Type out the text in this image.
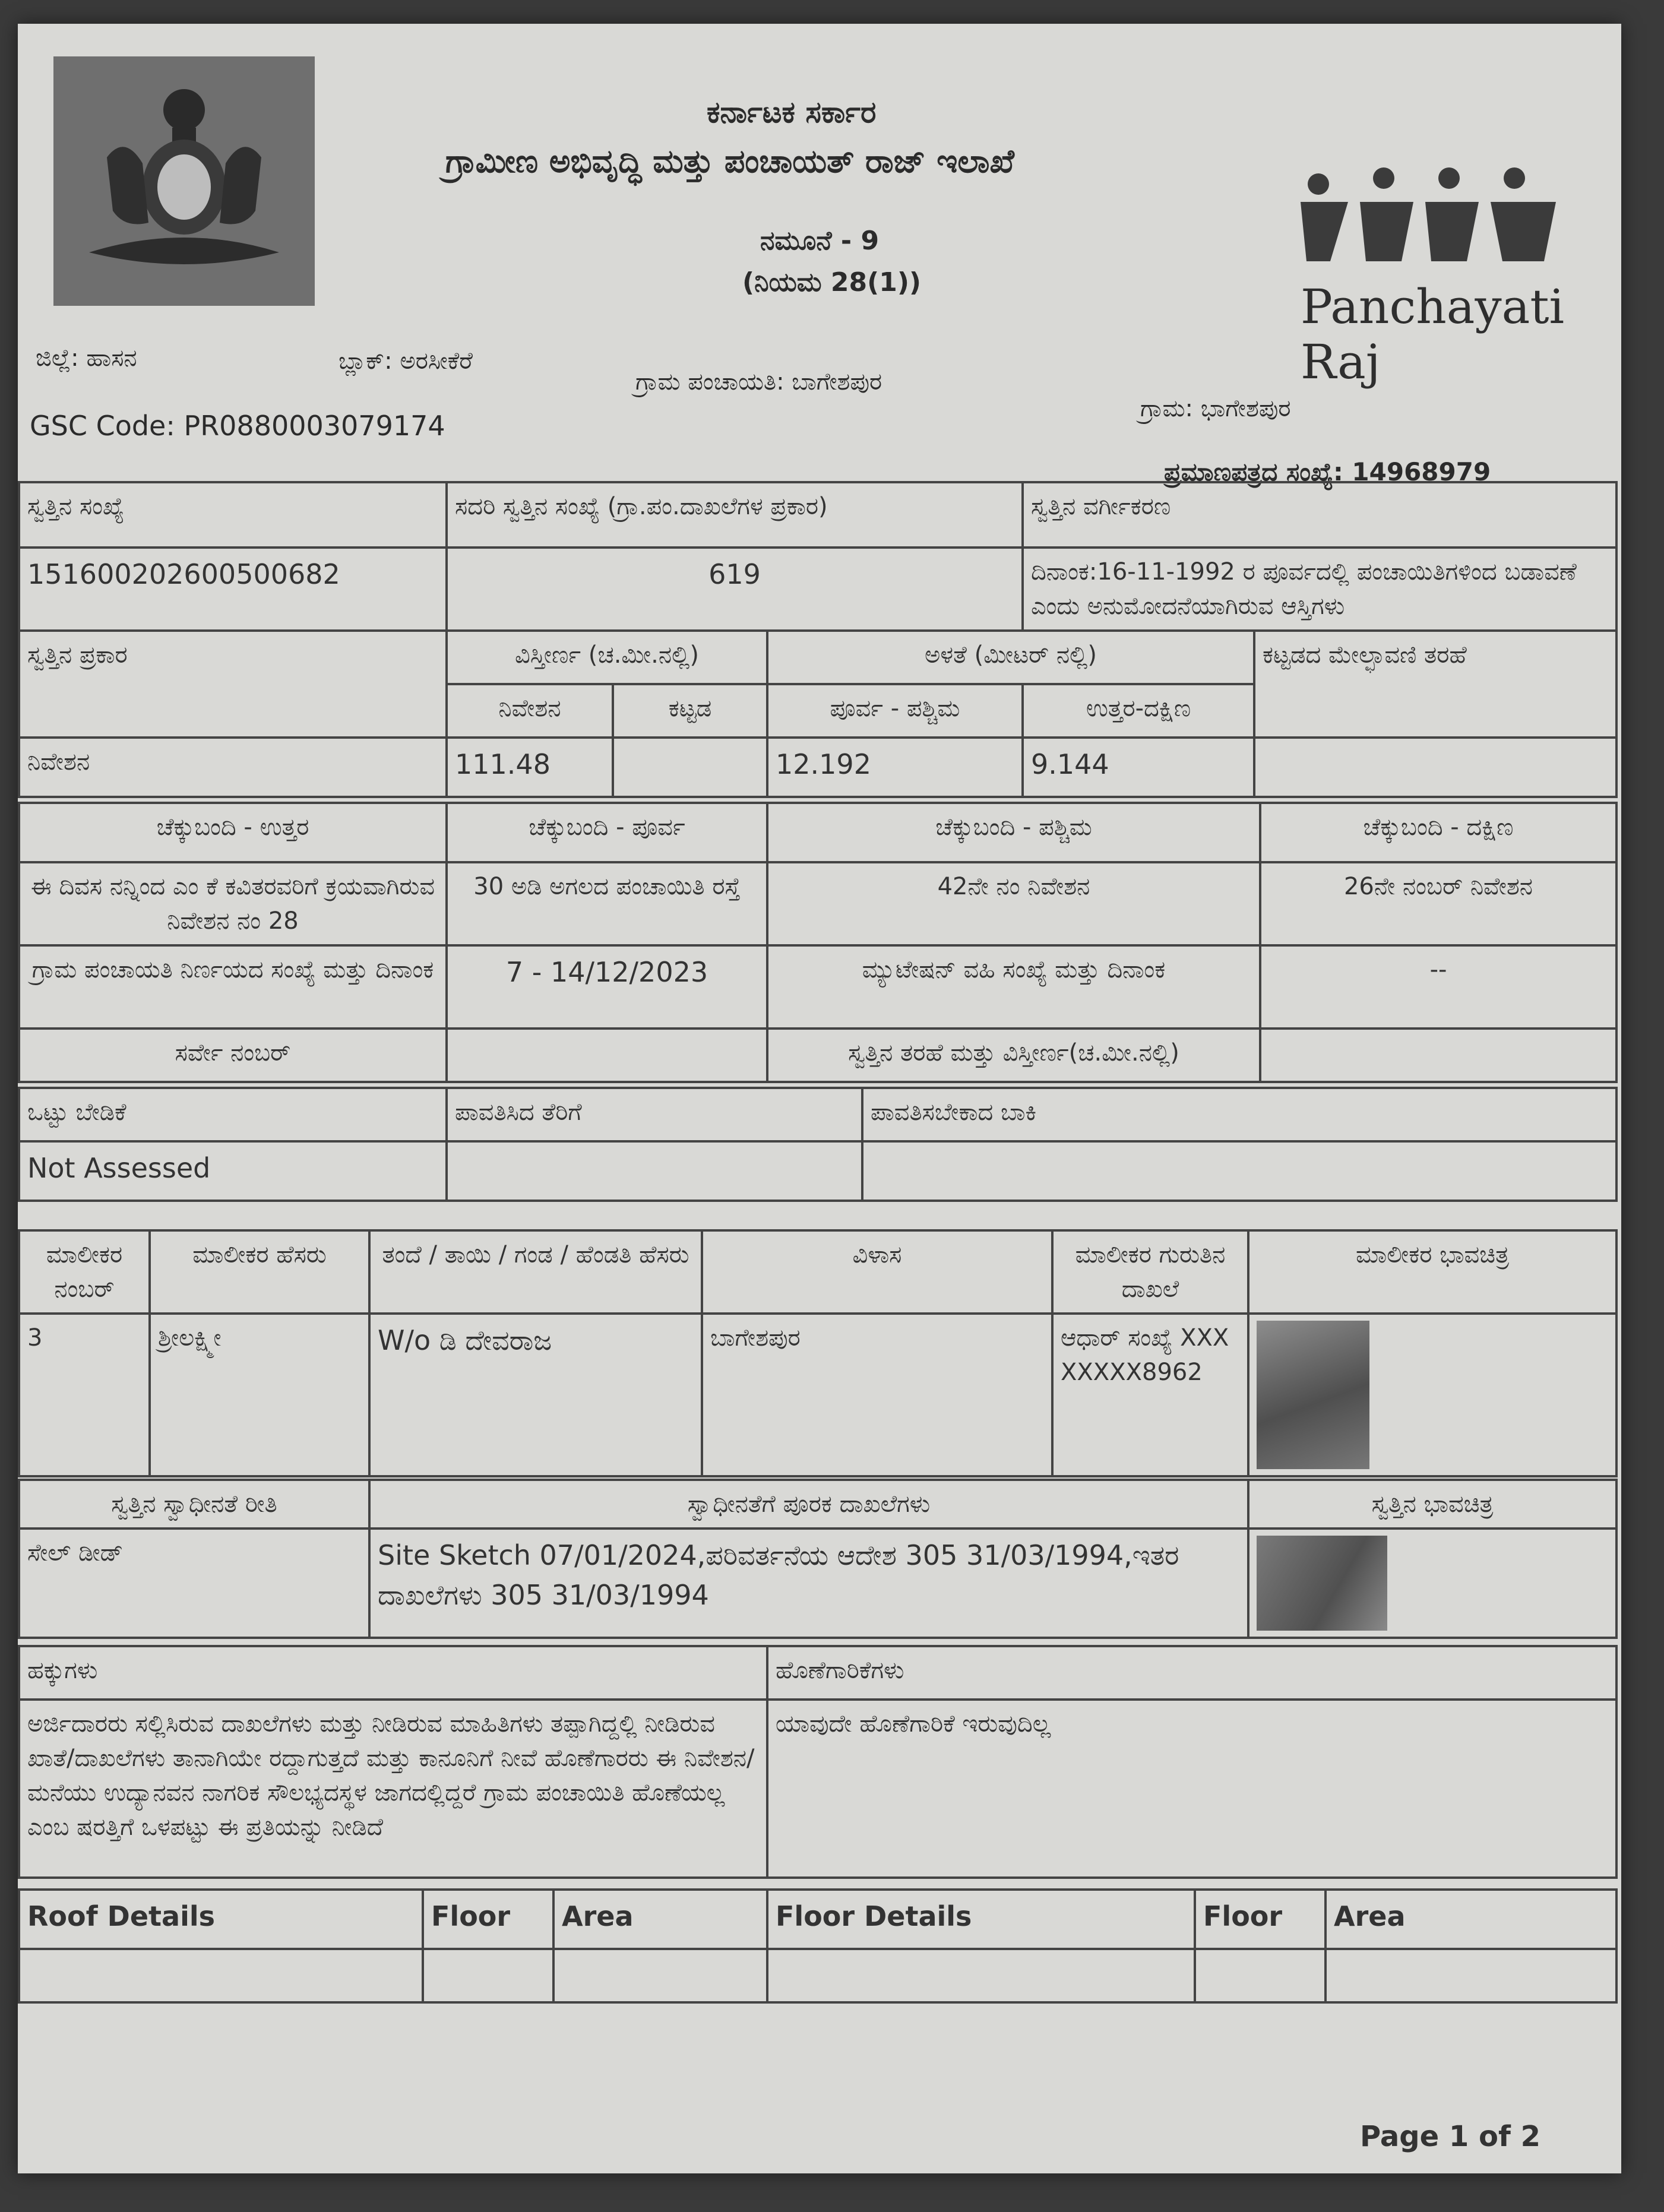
ಕರ್ನಾಟಕ ಸರ್ಕಾರ
ಗ್ರಾಮೀಣ ಅಭಿವೃದ್ಧಿ ಮತ್ತು ಪಂಚಾಯತ್ ರಾಜ್ ಇಲಾಖೆ
ನಮೂನೆ - 9
(ನಿಯಮ 28(1))	Panchayati Raj
ಜಿಲ್ಲೆ: ಹಾಸನ	ಬ್ಲಾಕ್: ಅರಸೀಕೆರೆ
ಗ್ರಾಮ ಪಂಚಾಯತಿ: ಬಾಗೇಶಪುರ
ಗ್ರಾಮ: ಭಾಗೇಶಪುರ
GSC Code: PR0880003079174
ಪ್ರಮಾಣಪತ್ರದ ಸಂಖ್ಯೆ: 14968979
ಸ್ವತ್ತಿನ ಸಂಖ್ಯೆ	ಸದರಿ ಸ್ವತ್ತಿನ ಸಂಖ್ಯೆ (ಗ್ರಾ.ಪಂ.ದಾಖಲೆಗಳ ಪ್ರಕಾರ)	ಸ್ವತ್ತಿನ ವರ್ಗೀಕರಣ
151600202600500682	619	ದಿನಾಂಕ:16-11-1992 ರ ಪೂರ್ವದಲ್ಲಿ ಪಂಚಾಯಿತಿಗಳಿಂದ ಬಡಾವಣೆ ಎಂದು ಅನುಮೋದನೆಯಾಗಿರುವ ಆಸ್ತಿಗಳು
ಸ್ವತ್ತಿನ ಪ್ರಕಾರ	ವಿಸ್ತೀರ್ಣ (ಚ.ಮೀ.ನಲ್ಲಿ)		ಅಳತೆ (ಮೀಟರ್ ನಲ್ಲಿ)		ಕಟ್ಟಡದ ಮೇಲ್ಛಾವಣಿ ತರಹೆ
	ನಿವೇಶನ	ಕಟ್ಟಡ	ಪೂರ್ವ - ಪಶ್ಚಿಮ	ಉತ್ತರ-ದಕ್ಷಿಣ	
ನಿವೇಶನ	111.48		12.192	9.144	
ಚೆಕ್ಕುಬಂದಿ - ಉತ್ತರ	ಚೆಕ್ಕುಬಂದಿ - ಪೂರ್ವ	ಚೆಕ್ಕುಬಂದಿ - ಪಶ್ಚಿಮ	ಚೆಕ್ಕುಬಂದಿ - ದಕ್ಷಿಣ
ಈ ದಿವಸ ನನ್ನಿಂದ ಎಂ ಕೆ ಕವಿತರವರಿಗೆ ಕ್ರಯವಾಗಿರುವ ನಿವೇಶನ ನಂ 28	30 ಅಡಿ ಅಗಲದ ಪಂಚಾಯಿತಿ ರಸ್ತೆ	42ನೇ ನಂ ನಿವೇಶನ	26ನೇ ನಂಬರ್ ನಿವೇಶನ
ಗ್ರಾಮ ಪಂಚಾಯತಿ ನಿರ್ಣಯದ ಸಂಖ್ಯೆ ಮತ್ತು ದಿನಾಂಕ	7 - 14/12/2023	ಮ್ಯುಟೇಷನ್ ವಹಿ ಸಂಖ್ಯೆ ಮತ್ತು ದಿನಾಂಕ	--
ಸರ್ವೇ ನಂಬರ್		ಸ್ವತ್ತಿನ ತರಹೆ ಮತ್ತು ವಿಸ್ತೀರ್ಣ(ಚ.ಮೀ.ನಲ್ಲಿ)	
ಒಟ್ಟು ಬೇಡಿಕೆ	ಪಾವತಿಸಿದ ತೆರಿಗೆ	ಪಾವತಿಸಬೇಕಾದ ಬಾಕಿ
Not Assessed		
ಮಾಲೀಕರ ನಂಬರ್	ಮಾಲೀಕರ ಹೆಸರು	ತಂದೆ / ತಾಯಿ / ಗಂಡ / ಹೆಂಡತಿ ಹೆಸರು	ವಿಳಾಸ	ಮಾಲೀಕರ ಗುರುತಿನ ದಾಖಲೆ	ಮಾಲೀಕರ ಭಾವಚಿತ್ರ
3	ಶ್ರೀಲಕ್ಷ್ಮೀ	W/o ಡಿ ದೇವರಾಜ	ಬಾಗೇಶಪುರ	ಆಧಾರ್ ಸಂಖ್ಯೆ XXXXXXXX8962	
ಸ್ವತ್ತಿನ ಸ್ವಾಧೀನತೆ ರೀತಿ	ಸ್ವಾಧೀನತೆಗೆ ಪೂರಕ ದಾಖಲೆಗಳು	ಸ್ವತ್ತಿನ ಭಾವಚಿತ್ರ
ಸೇಲ್ ಡೀಡ್	Site Sketch 07/01/2024,ಪರಿವರ್ತನೆಯ ಆದೇಶ 305 31/03/1994,ಇತರ ದಾಖಲೆಗಳು 305 31/03/1994	
ಹಕ್ಕುಗಳು	ಹೊಣೆಗಾರಿಕೆಗಳು
ಅರ್ಜಿದಾರರು ಸಲ್ಲಿಸಿರುವ ದಾಖಲೆಗಳು ಮತ್ತು ನೀಡಿರುವ ಮಾಹಿತಿಗಳು ತಪ್ಪಾಗಿದ್ದಲ್ಲಿ ನೀಡಿರುವ ಖಾತೆ/ದಾಖಲೆಗಳು ತಾನಾಗಿಯೇ ರದ್ದಾಗುತ್ತದೆ ಮತ್ತು ಕಾನೂನಿಗೆ ನೀವೆ ಹೊಣೆಗಾರರು ಈ ನಿವೇಶನ/ಮನೆಯು ಉದ್ಯಾನವನ ನಾಗರಿಕ ಸೌಲಭ್ಯದಸ್ಥಳ ಜಾಗದಲ್ಲಿದ್ದರೆ ಗ್ರಾಮ ಪಂಚಾಯಿತಿ ಹೊಣೆಯಲ್ಲ ಎಂಬ ಷರತ್ತಿಗೆ ಒಳಪಟ್ಟು ಈ ಪ್ರತಿಯನ್ನು ನೀಡಿದೆ	ಯಾವುದೇ ಹೊಣೆಗಾರಿಕೆ ಇರುವುದಿಲ್ಲ
Roof Details	Floor	Area	Floor Details	Floor	Area

Page 1 of 2
